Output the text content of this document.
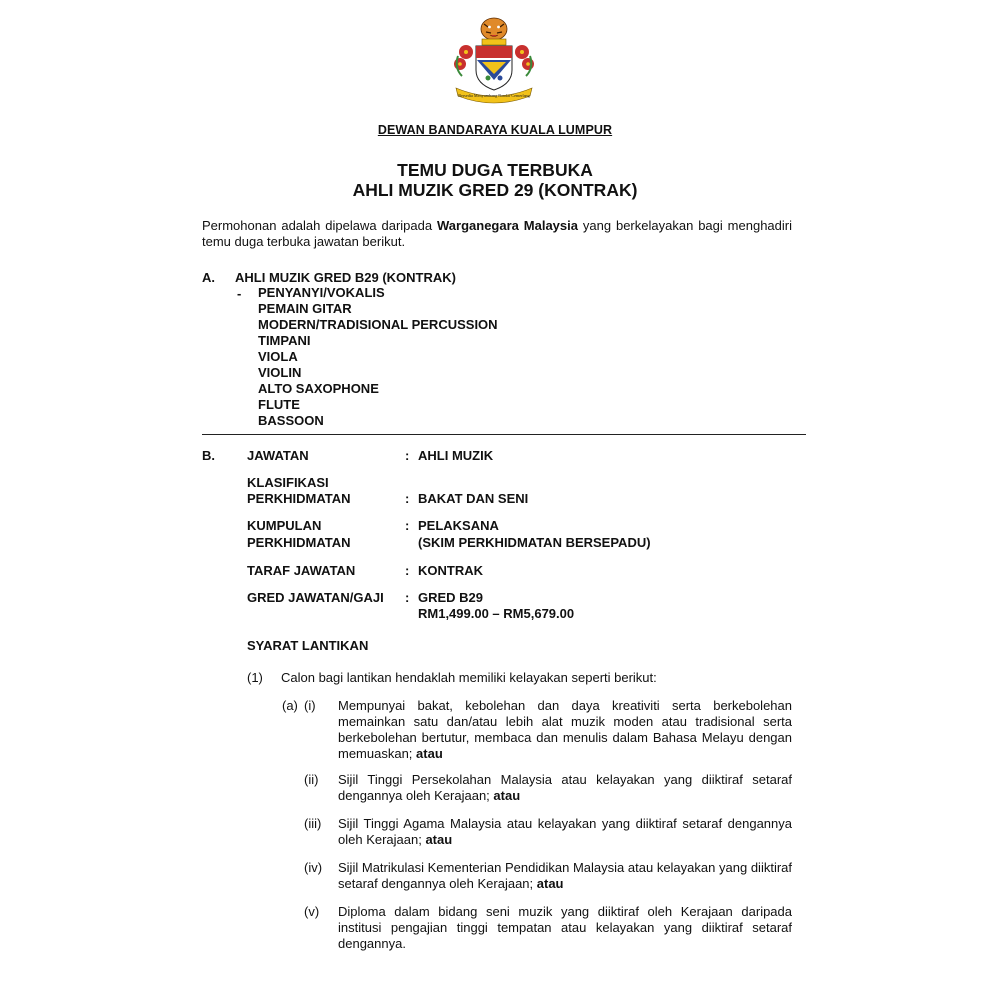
Bersedia Menyumbang Bandar Cemerlang
DEWAN BANDARAYA KUALA LUMPUR
TEMU DUGA TERBUKA
AHLI MUZIK GRED 29 (KONTRAK)
Permohonan adalah dipelawa daripada Warganegara Malaysia yang berkelayakan bagi menghadiri temu duga terbuka jawatan berikut.
A. AHLI MUZIK GRED B29 (KONTRAK)
- PENYANYI/VOKALIS
PEMAIN GITAR
MODERN/TRADISIONAL PERCUSSION
TIMPANI
VIOLA
VIOLIN
ALTO SAXOPHONE
FLUTE
BASSOON
B. JAWATAN	: AHLI MUZIK
KLASIFIKASI
PERKHIDMATAN	: BAKAT DAN SENI
KUMPULAN
PERKHIDMATAN
: PELAKSANA
(SKIM PERKHIDMATAN BERSEPADU)
TARAF JAWATAN	: KONTRAK
GRED JAWATAN/GAJI : GRED B29
RM1,499.00 – RM5,679.00
SYARAT LANTIKAN
(1) Calon bagi lantikan hendaklah memiliki kelayakan seperti berikut:
(a) (i) Mempunyai bakat, kebolehan dan daya kreativiti serta berkebolehan memainkan satu dan/atau lebih alat muzik moden atau tradisional serta berkebolehan bertutur, membaca dan menulis dalam Bahasa Melayu dengan memuaskan; atau
(ii) Sijil Tinggi Persekolahan Malaysia atau kelayakan yang diiktiraf setaraf dengannya oleh Kerajaan; atau
(iii) Sijil Tinggi Agama Malaysia atau kelayakan yang diiktiraf setaraf dengannya oleh Kerajaan; atau
(iv) Sijil Matrikulasi Kementerian Pendidikan Malaysia atau kelayakan yang diiktiraf setaraf dengannya oleh Kerajaan; atau
(v) Diploma dalam bidang seni muzik yang diiktiraf oleh Kerajaan daripada institusi pengajian tinggi tempatan atau kelayakan yang diiktiraf setaraf dengannya.
